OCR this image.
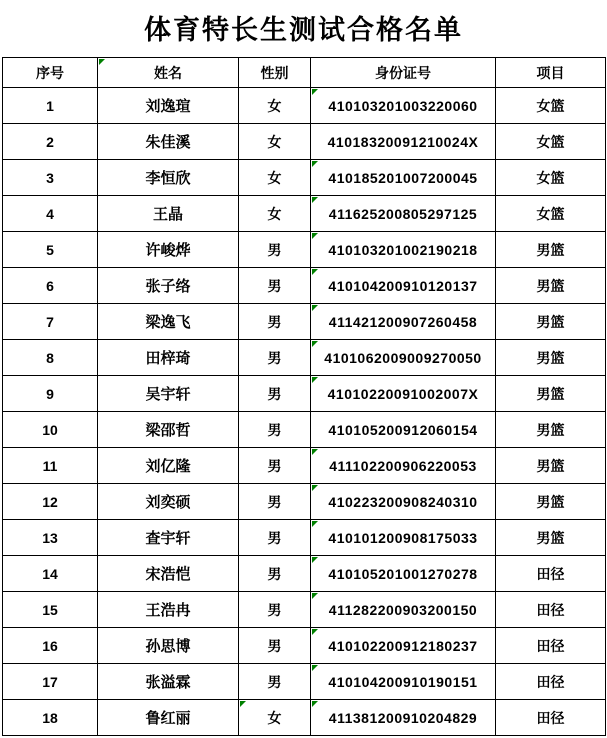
体育特长生测试合格名单
序号	姓名	性别	身份证号	项目
1	刘逸瑄	女	410103201003220060	女篮
2	朱佳溪	女	41018320091210024X	女篮
3	李恒欣	女	410185201007200045	女篮
4	王晶	女	411625200805297125	女篮
5	许峻烨	男	410103201002190218	男篮
6	张子络	男	410104200910120137	男篮
7	梁逸飞	男	411421200907260458	男篮
8	田梓琦	男	4101062009009270050	男篮
9	吴宇轩	男	41010220091002007X	男篮
10	梁邵哲	男	410105200912060154	男篮
11	刘亿隆	男	411102200906220053	男篮
12	刘奕硕	男	410223200908240310	男篮
13	查宇轩	男	410101200908175033	男篮
14	宋浩恺	男	410105201001270278	田径
15	王浩冉	男	411282200903200150	田径
16	孙思博	男	410102200912180237	田径
17	张溢霖	男	410104200910190151	田径
18	鲁红丽	女	411381200910204829	田径
